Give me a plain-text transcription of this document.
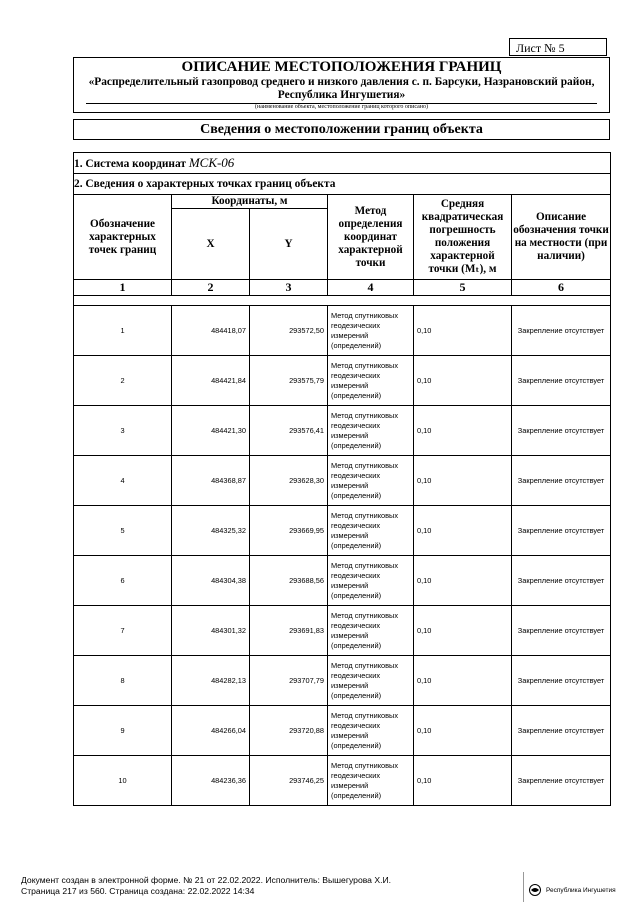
Лист № 5
ОПИСАНИЕ МЕСТОПОЛОЖЕНИЯ ГРАНИЦ
«Распределительный газопровод среднего и низкого давления с. п. Барсуки, Назрановский район, Республика Ингушетия»
(наименование объекта, местоположение границ которого описано)
Сведения о местоположении границ объекта
1. Система координат МСК-06					
2. Сведения о характерных точках границ объекта					
Обозначение характерных точек границ	Координаты, м		Метод определения координат характерной точки	Средняя квадратическая погрешность положения характерной точки (Mₜ), м	Описание обозначения точки на местности (при наличии)
	X	Y			
1	2	3	4	5	6

1	484418,07	293572,50	Метод спутниковых геодезических измерений (определений)	0,10	Закрепление отсутствует
2	484421,84	293575,79	Метод спутниковых геодезических измерений (определений)	0,10	Закрепление отсутствует
3	484421,30	293576,41	Метод спутниковых геодезических измерений (определений)	0,10	Закрепление отсутствует
4	484368,87	293628,30	Метод спутниковых геодезических измерений (определений)	0,10	Закрепление отсутствует
5	484325,32	293669,95	Метод спутниковых геодезических измерений (определений)	0,10	Закрепление отсутствует
6	484304,38	293688,56	Метод спутниковых геодезических измерений (определений)	0,10	Закрепление отсутствует
7	484301,32	293691,83	Метод спутниковых геодезических измерений (определений)	0,10	Закрепление отсутствует
8	484282,13	293707,79	Метод спутниковых геодезических измерений (определений)	0,10	Закрепление отсутствует
9	484266,04	293720,88	Метод спутниковых геодезических измерений (определений)	0,10	Закрепление отсутствует
10	484236,36	293746,25	Метод спутниковых геодезических измерений (определений)	0,10	Закрепление отсутствует
Документ создан в электронной форме. № 21 от 22.02.2022. Исполнитель: Вышегурова Х.И.
Страница 217 из 560. Страница создана: 22.02.2022 14:34	Республика Ингушетия
